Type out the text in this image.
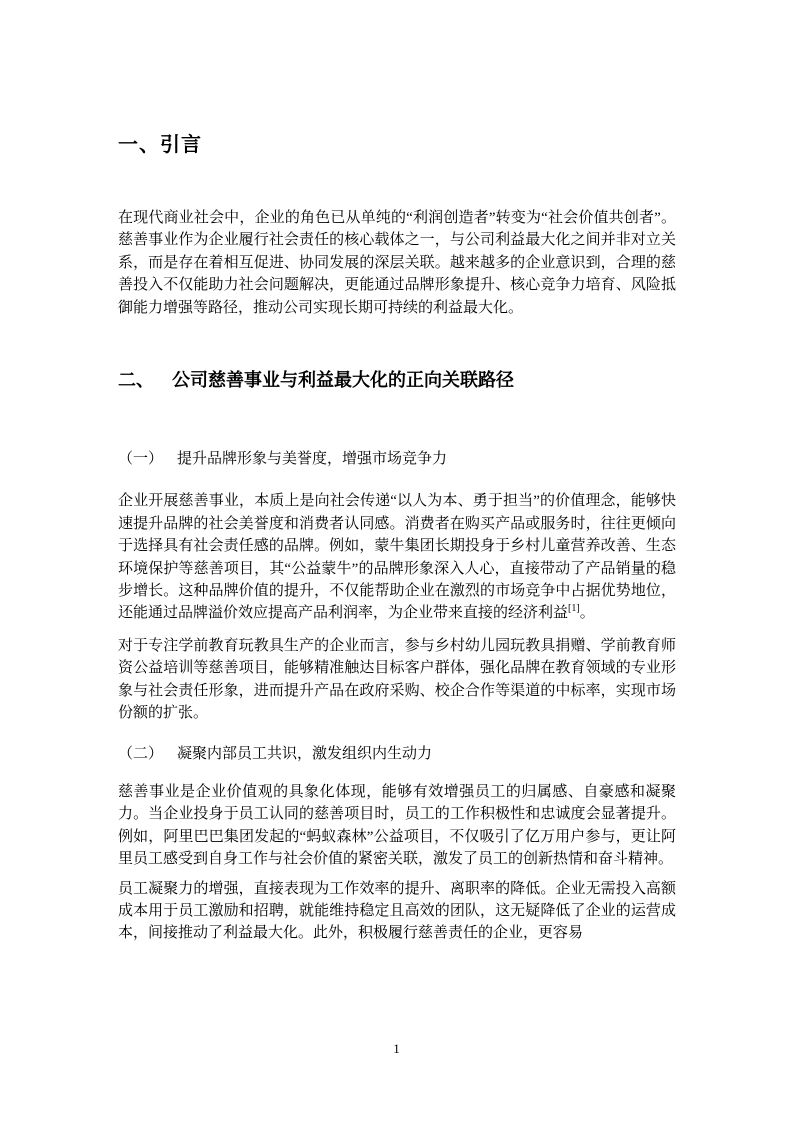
一、引言

在现代商业社会中，企业的角色已从单纯的“利润创造者”转变为“社会价值共创者”。慈善事业作为企业履行社会责任的核心载体之一，与公司利益最大化之间并非对立关系，而是存在着相互促进、协同发展的深层关联。越来越多的企业意识到，合理的慈善投入不仅能助力社会问题解决，更能通过品牌形象提升、核心竞争力培育、风险抵御能力增强等路径，推动公司实现长期可持续的利益最大化。

二、 公司慈善事业与利益最大化的正向关联路径
（一） 提升品牌形象与美誉度，增强市场竞争力

企业开展慈善事业，本质上是向社会传递“以人为本、勇于担当”的价值理念，能够快速提升品牌的社会美誉度和消费者认同感。消费者在购买产品或服务时，往往更倾向于选择具有社会责任感的品牌。例如，蒙牛集团长期投身于乡村儿童营养改善、生态环境保护等慈善项目，其“公益蒙牛”的品牌形象深入人心，直接带动了产品销量的稳步增长。这种品牌价值的提升，不仅能帮助企业在激烈的市场竞争中占据优势地位，还能通过品牌溢价效应提高产品利润率，为企业带来直接的经济利益[1]。

对于专注学前教育玩教具生产的企业而言，参与乡村幼儿园玩教具捐赠、学前教育师资公益培训等慈善项目，能够精准触达目标客户群体，强化品牌在教育领域的专业形象与社会责任形象，进而提升产品在政府采购、校企合作等渠道的中标率，实现市场份额的扩张。

（二） 凝聚内部员工共识，激发组织内生动力

慈善事业是企业价值观的具象化体现，能够有效增强员工的归属感、自豪感和凝聚力。当企业投身于员工认同的慈善项目时，员工的工作积极性和忠诚度会显著提升。例如，阿里巴巴集团发起的“蚂蚁森林”公益项目，不仅吸引了亿万用户参与，更让阿里员工感受到自身工作与社会价值的紧密关联，激发了员工的创新热情和奋斗精神。

员工凝聚力的增强，直接表现为工作效率的提升、离职率的降低。企业无需投入高额成本用于员工激励和招聘，就能维持稳定且高效的团队，这无疑降低了企业的运营成本，间接推动了利益最大化。此外，积极履行慈善责任的企业，更容易

1
